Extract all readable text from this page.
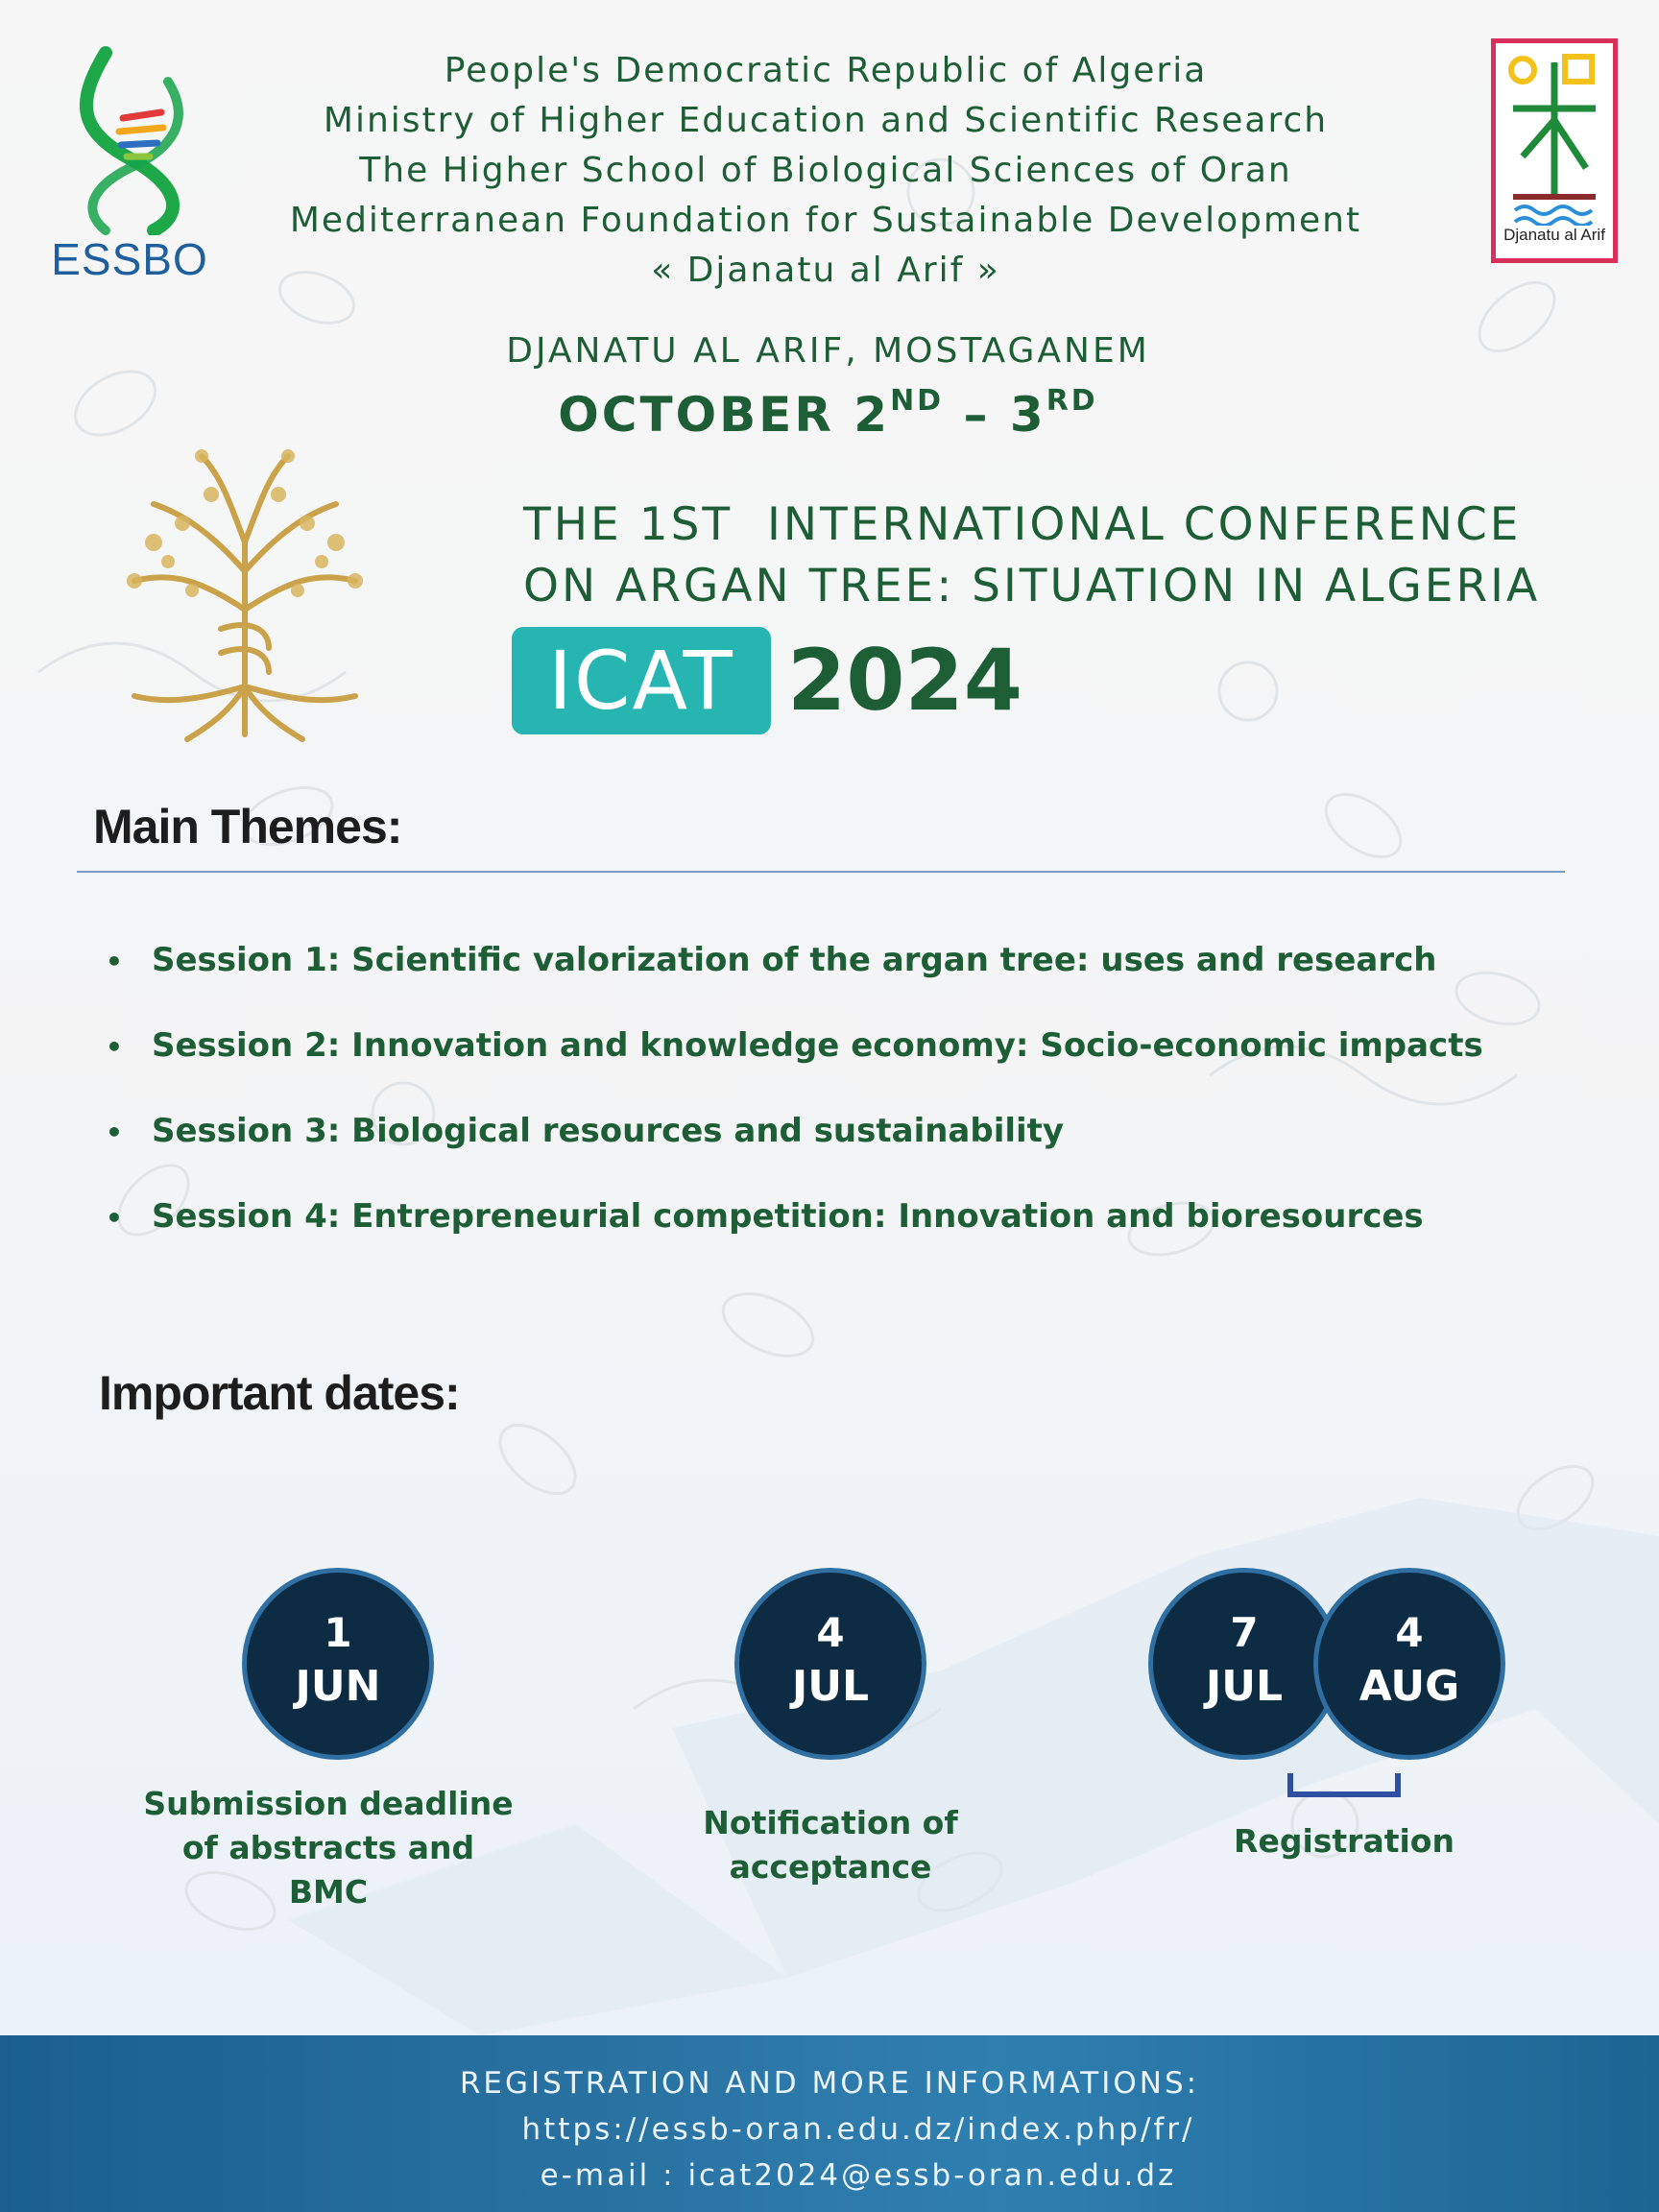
ESSBO
People's Democratic Republic of Algeria
Ministry of Higher Education and Scientific Research
The Higher School of Biological Sciences of Oran
Mediterranean Foundation for Sustainable Development
« Djanatu al Arif »
Djanatu al Arif
DJANATU AL ARIF, MOSTAGANEM
OCTOBER 2ND – 3RD
THE 1ST  INTERNATIONAL CONFERENCE
ON ARGAN TREE: SITUATION IN ALGERIA
ICAT 2024
Main Themes:
• Session 1: Scientific valorization of the argan tree: uses and research
• Session 2: Innovation and knowledge economy: Socio-economic impacts
• Session 3: Biological resources and sustainability
• Session 4: Entrepreneurial competition: Innovation and bioresources
Important dates:
1
JUN
Submission deadline
of abstracts and
BMC
4
JUL
Notification of
acceptance
7
JUL
4
AUG
Registration
REGISTRATION AND MORE INFORMATIONS:
https://essb-oran.edu.dz/index.php/fr/
e-mail : icat2024@essb-oran.edu.dz
